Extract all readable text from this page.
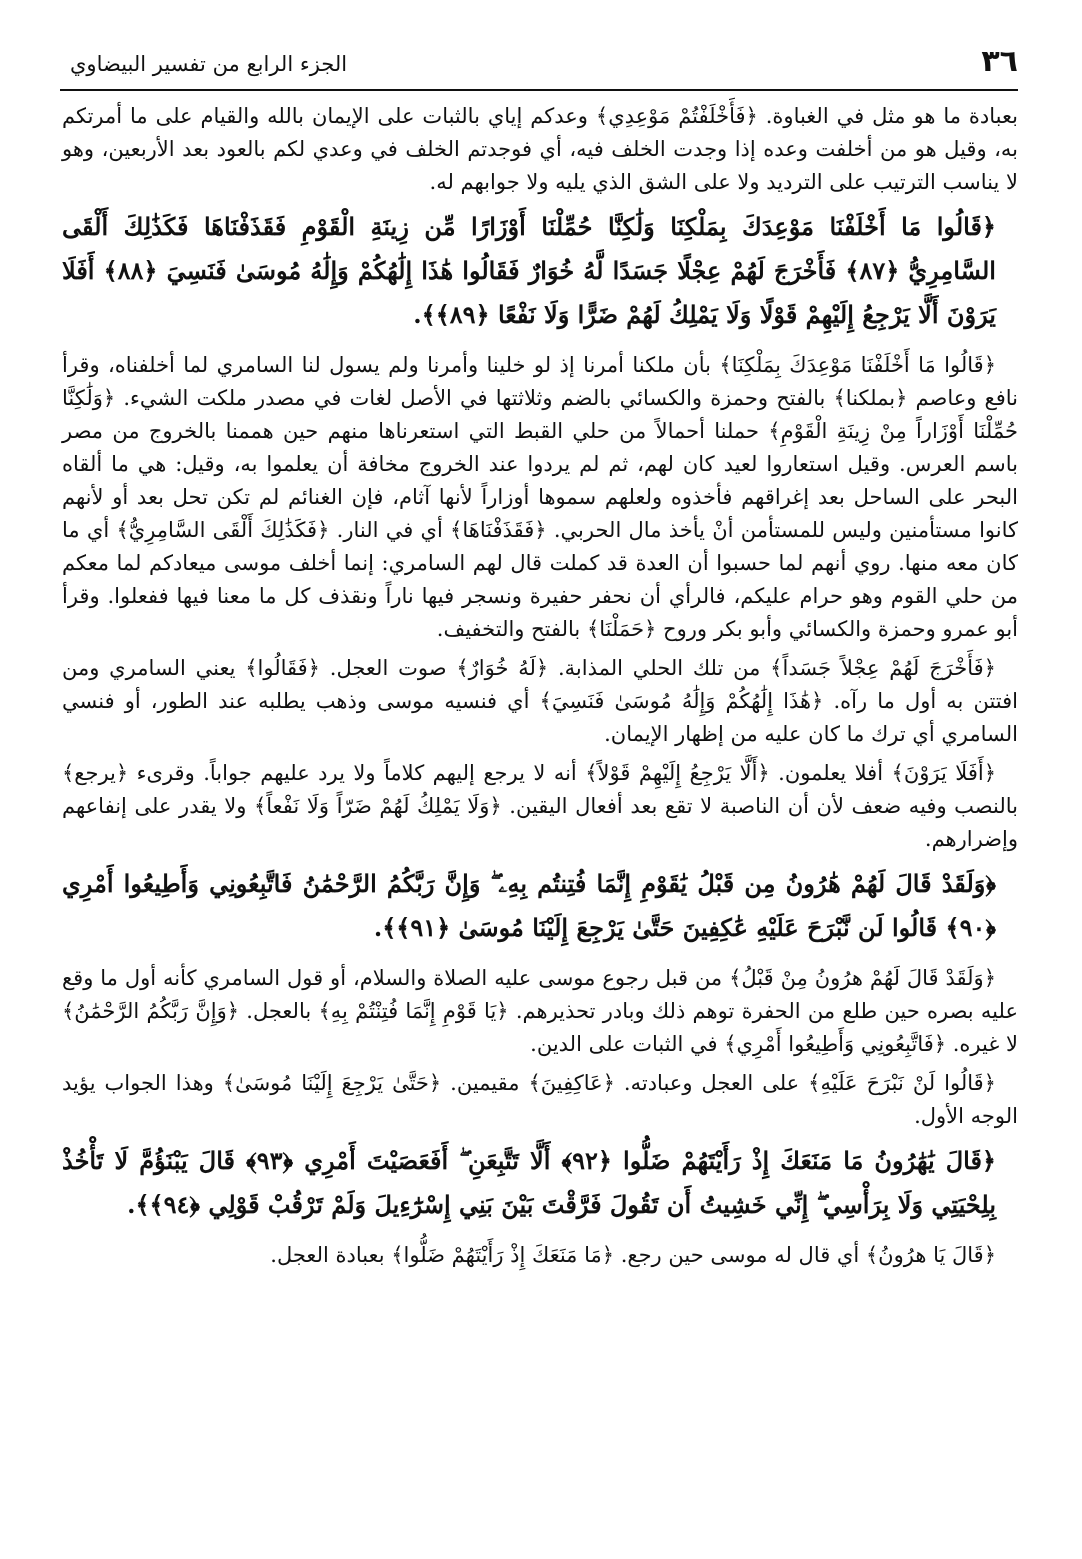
٣٦
الجزء الرابع من تفسير البيضاوي

بعبادة ما هو مثل في الغباوة. ﴿فَأَخْلَفْتُمْ مَوْعِدِي﴾ وعدكم إياي بالثبات على الإيمان بالله والقيام على ما أمرتكم به، وقيل هو من أخلفت وعده إذا وجدت الخلف فيه، أي فوجدتم الخلف في وعدي لكم بالعود بعد الأربعين، وهو لا يناسب الترتيب على الترديد ولا على الشق الذي يليه ولا جوابهم له.

﴿قَالُوا مَا أَخْلَفْنَا مَوْعِدَكَ بِمَلْكِنَا وَلَٰكِنَّا حُمِّلْنَا أَوْزَارًا مِّن زِينَةِ الْقَوْمِ فَقَذَفْنَاهَا فَكَذَٰلِكَ أَلْقَى السَّامِرِيُّ ﴿٨٧﴾ فَأَخْرَجَ لَهُمْ عِجْلًا جَسَدًا لَّهُ خُوَارٌ فَقَالُوا هَٰذَا إِلَٰهُكُمْ وَإِلَٰهُ مُوسَىٰ فَنَسِيَ ﴿٨٨﴾ أَفَلَا يَرَوْنَ أَلَّا يَرْجِعُ إِلَيْهِمْ قَوْلًا وَلَا يَمْلِكُ لَهُمْ ضَرًّا وَلَا نَفْعًا ﴿٨٩﴾﴾.

﴿قَالُوا مَا أَخْلَفْنَا مَوْعِدَكَ بِمَلْكِنَا﴾ بأن ملكنا أمرنا إذ لو خلينا وأمرنا ولم يسول لنا السامري لما أخلفناه، وقرأ نافع وعاصم ﴿بملكنا﴾ بالفتح وحمزة والكسائي بالضم وثلاثتها في الأصل لغات في مصدر ملكت الشيء. ﴿وَلَٰكِنَّا حُمِّلْنَا أَوْزَاراً مِنْ زِينَةِ الْقَوْمِ﴾ حملنا أحمالاً من حلي القبط التي استعرناها منهم حين هممنا بالخروج من مصر باسم العرس. وقيل استعاروا لعيد كان لهم، ثم لم يردوا عند الخروج مخافة أن يعلموا به، وقيل: هي ما ألقاه البحر على الساحل بعد إغراقهم فأخذوه ولعلهم سموها أوزاراً لأنها آثام، فإن الغنائم لم تكن تحل بعد أو لأنهم كانوا مستأمنين وليس للمستأمن أنْ يأخذ مال الحربي. ﴿فَقَذَفْنَاهَا﴾ أي في النار. ﴿فَكَذَٰلِكَ أَلْقَى السَّامِرِيُّ﴾ أي ما كان معه منها. روي أنهم لما حسبوا أن العدة قد كملت قال لهم السامري: إنما أخلف موسى ميعادكم لما معكم من حلي القوم وهو حرام عليكم، فالرأي أن نحفر حفيرة ونسجر فيها ناراً ونقذف كل ما معنا فيها ففعلوا. وقرأ أبو عمرو وحمزة والكسائي وأبو بكر وروح ﴿حَمَلْنَا﴾ بالفتح والتخفيف.

﴿فَأَخْرَجَ لَهُمْ عِجْلاً جَسَداً﴾ من تلك الحلي المذابة. ﴿لَهُ خُوَارٌ﴾ صوت العجل. ﴿فَقَالُوا﴾ يعني السامري ومن افتتن به أول ما رآه. ﴿هَٰذَا إِلَٰهُكُمْ وَإِلَٰهُ مُوسَىٰ فَنَسِيَ﴾ أي فنسيه موسى وذهب يطلبه عند الطور، أو فنسي السامري أي ترك ما كان عليه من إظهار الإيمان.

﴿أَفَلَا يَرَوْنَ﴾ أفلا يعلمون. ﴿أَلَّا يَرْجِعُ إِلَيْهِمْ قَوْلاً﴾ أنه لا يرجع إليهم كلاماً ولا يرد عليهم جواباً. وقرىء ﴿يرجع﴾ بالنصب وفيه ضعف لأن أن الناصبة لا تقع بعد أفعال اليقين. ﴿وَلَا يَمْلِكُ لَهُمْ ضَرّاً وَلَا نَفْعاً﴾ ولا يقدر على إنفاعهم وإضرارهم.

﴿وَلَقَدْ قَالَ لَهُمْ هَٰرُونُ مِن قَبْلُ يَٰقَوْمِ إِنَّمَا فُتِنتُم بِهِۦ ۖ وَإِنَّ رَبَّكُمُ الرَّحْمَٰنُ فَاتَّبِعُونِي وَأَطِيعُوا أَمْرِي ﴿٩٠﴾ قَالُوا لَن نَّبْرَحَ عَلَيْهِ عَٰكِفِينَ حَتَّىٰ يَرْجِعَ إِلَيْنَا مُوسَىٰ ﴿٩١﴾﴾.

﴿وَلَقَدْ قَالَ لَهُمْ هرُونُ مِنْ قَبْلُ﴾ من قبل رجوع موسى عليه الصلاة والسلام، أو قول السامري كأنه أول ما وقع عليه بصره حين طلع من الحفرة توهم ذلك وبادر تحذيرهم. ﴿يَا قَوْمِ إِنَّمَا فُتِنْتُمْ بِهِ﴾ بالعجل. ﴿وَإِنَّ رَبَّكُمُ الرَّحْمَٰنُ﴾ لا غيره. ﴿فَاتَّبِعُونِي وَأَطِيعُوا أَمْرِي﴾ في الثبات على الدين.

﴿قَالُوا لَنْ نَبْرَحَ عَلَيْهِ﴾ على العجل وعبادته. ﴿عَاكِفِينَ﴾ مقيمين. ﴿حَتَّىٰ يَرْجِعَ إِلَيْنَا مُوسَىٰ﴾ وهذا الجواب يؤيد الوجه الأول.

﴿قَالَ يَٰهَٰرُونُ مَا مَنَعَكَ إِذْ رَأَيْتَهُمْ ضَلُّوا ﴿٩٢﴾ أَلَّا تَتَّبِعَنِ ۖ أَفَعَصَيْتَ أَمْرِي ﴿٩٣﴾ قَالَ يَبْنَؤُمَّ لَا تَأْخُذْ بِلِحْيَتِي وَلَا بِرَأْسِي ۖ إِنِّي خَشِيتُ أَن تَقُولَ فَرَّقْتَ بَيْنَ بَنِي إِسْرَٰٓءِيلَ وَلَمْ تَرْقُبْ قَوْلِي ﴿٩٤﴾﴾.

﴿قَالَ يَا هرُونُ﴾ أي قال له موسى حين رجع. ﴿مَا مَنَعَكَ إِذْ رَأَيْتَهُمْ ضَلُّوا﴾ بعبادة العجل.
